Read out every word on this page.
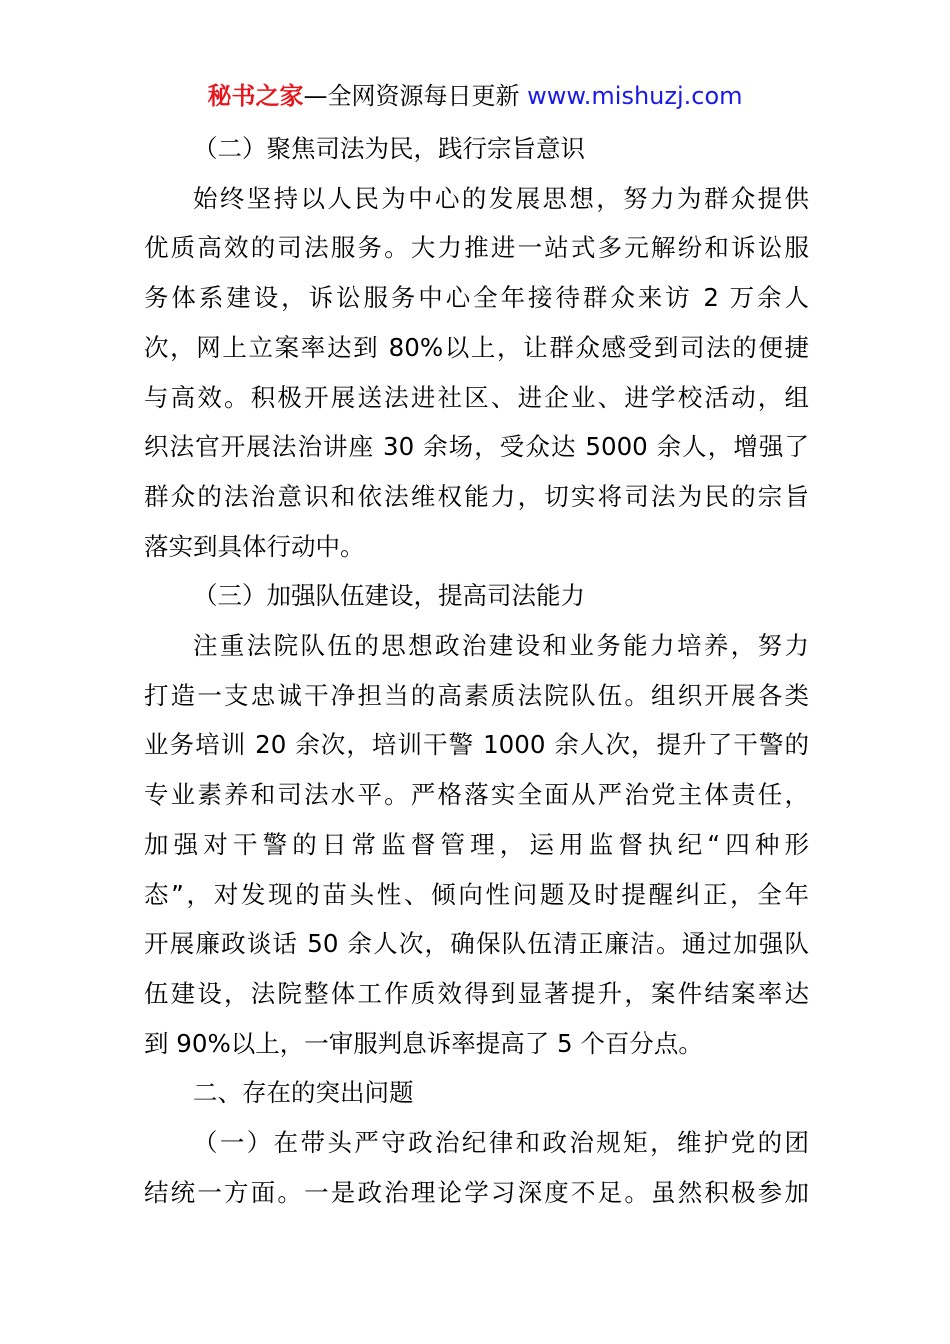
秘书之家—全网资源每日更新 www.mishuzj.com

（二）聚焦司法为民，践行宗旨意识

始终坚持以人民为中心的发展思想，努力为群众提供
优质高效的司法服务。大力推进一站式多元解纷和诉讼服
务体系建设，诉讼服务中心全年接待群众来访 2 万余人
次，网上立案率达到 80%以上，让群众感受到司法的便捷
与高效。积极开展送法进社区、进企业、进学校活动，组
织法官开展法治讲座 30 余场，受众达 5000 余人，增强了
群众的法治意识和依法维权能力，切实将司法为民的宗旨
落实到具体行动中。

（三）加强队伍建设，提高司法能力

注重法院队伍的思想政治建设和业务能力培养，努力
打造一支忠诚干净担当的高素质法院队伍。组织开展各类
业务培训 20 余次，培训干警 1000 余人次，提升了干警的
专业素养和司法水平。严格落实全面从严治党主体责任，
加强对干警的日常监督管理，运用监督执纪“四种形
态”，对发现的苗头性、倾向性问题及时提醒纠正，全年
开展廉政谈话 50 余人次，确保队伍清正廉洁。通过加强队
伍建设，法院整体工作质效得到显著提升，案件结案率达
到 90%以上，一审服判息诉率提高了 5 个百分点。

二、存在的突出问题

（一）在带头严守政治纪律和政治规矩，维护党的团
结统一方面。一是政治理论学习深度不足。虽然积极参加
